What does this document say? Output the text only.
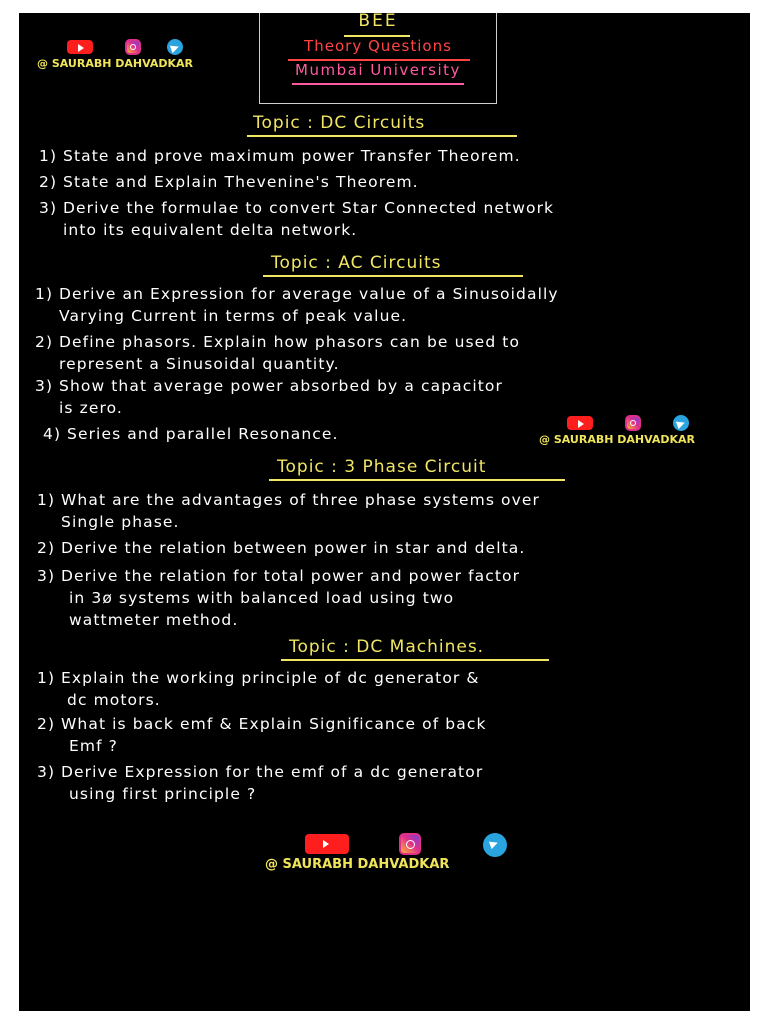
BEE
Theory Questions
Mumbai University
@ SAURABH DAHVADKAR
@ SAURABH DAHVADKAR
Topic : DC Circuits
1) State and prove maximum power Transfer Theorem.
2) State and Explain Thevenine's Theorem.
3) Derive the formulae to convert Star Connected network
into its equivalent delta network.
Topic : AC Circuits
1) Derive an Expression for average value of a Sinusoidally
Varying Current in terms of peak value.
2) Define phasors. Explain how phasors can be used to
represent a Sinusoidal quantity.
3) Show that average power absorbed by a capacitor
is zero.
4) Series and parallel Resonance.
Topic : 3 Phase Circuit
1) What are the advantages of three phase systems over
Single phase.
2) Derive the relation between power in star and delta.
3) Derive the relation for total power and power factor
in 3ø systems with balanced load using two
wattmeter method.
Topic : DC Machines.
1) Explain the working principle of dc generator &
dc motors.
2) What is back emf & Explain Significance of back
Emf ?
3) Derive Expression for the emf of a dc generator
using first principle ?
@ SAURABH DAHVADKAR
